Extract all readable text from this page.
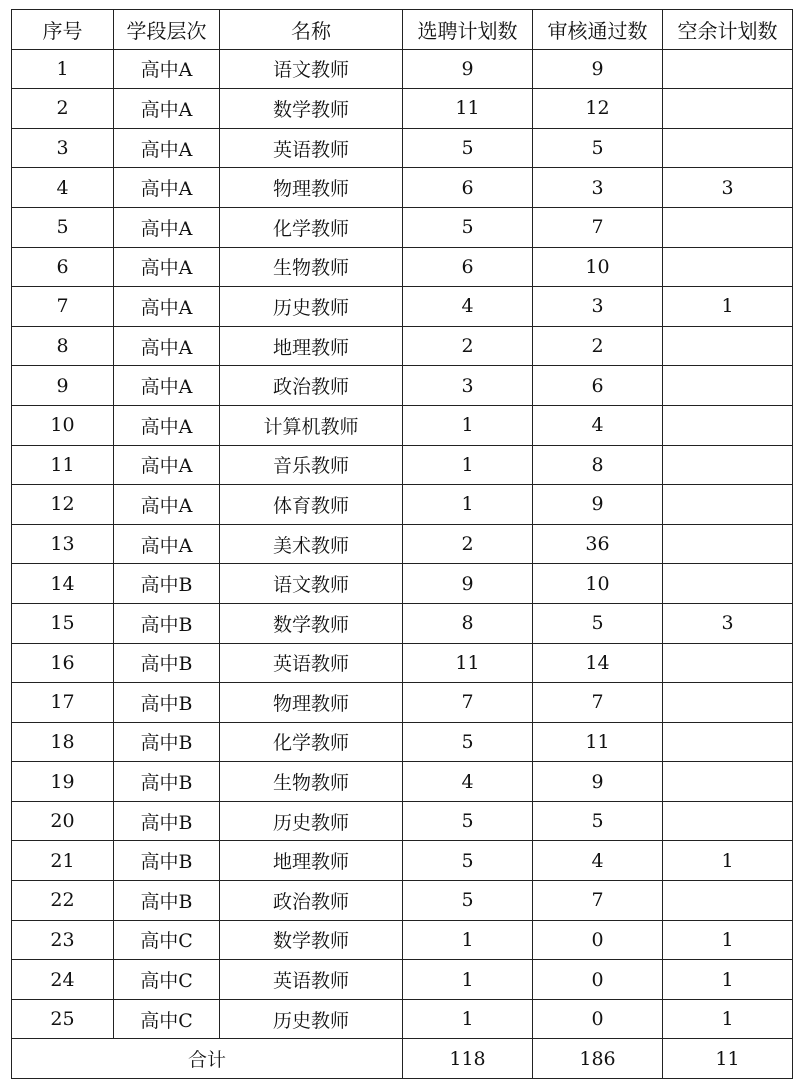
序号	学段层次	名称	选聘计划数	审核通过数	空余计划数
1	高中A	语文教师	9	9	
2	高中A	数学教师	11	12	
3	高中A	英语教师	5	5	
4	高中A	物理教师	6	3	3
5	高中A	化学教师	5	7	
6	高中A	生物教师	6	10	
7	高中A	历史教师	4	3	1
8	高中A	地理教师	2	2	
9	高中A	政治教师	3	6	
10	高中A	计算机教师	1	4	
11	高中A	音乐教师	1	8	
12	高中A	体育教师	1	9	
13	高中A	美术教师	2	36	
14	高中B	语文教师	9	10	
15	高中B	数学教师	8	5	3
16	高中B	英语教师	11	14	
17	高中B	物理教师	7	7	
18	高中B	化学教师	5	11	
19	高中B	生物教师	4	9	
20	高中B	历史教师	5	5	
21	高中B	地理教师	5	4	1
22	高中B	政治教师	5	7	
23	高中C	数学教师	1	0	1
24	高中C	英语教师	1	0	1
25	高中C	历史教师	1	0	1
合计			118	186	11
